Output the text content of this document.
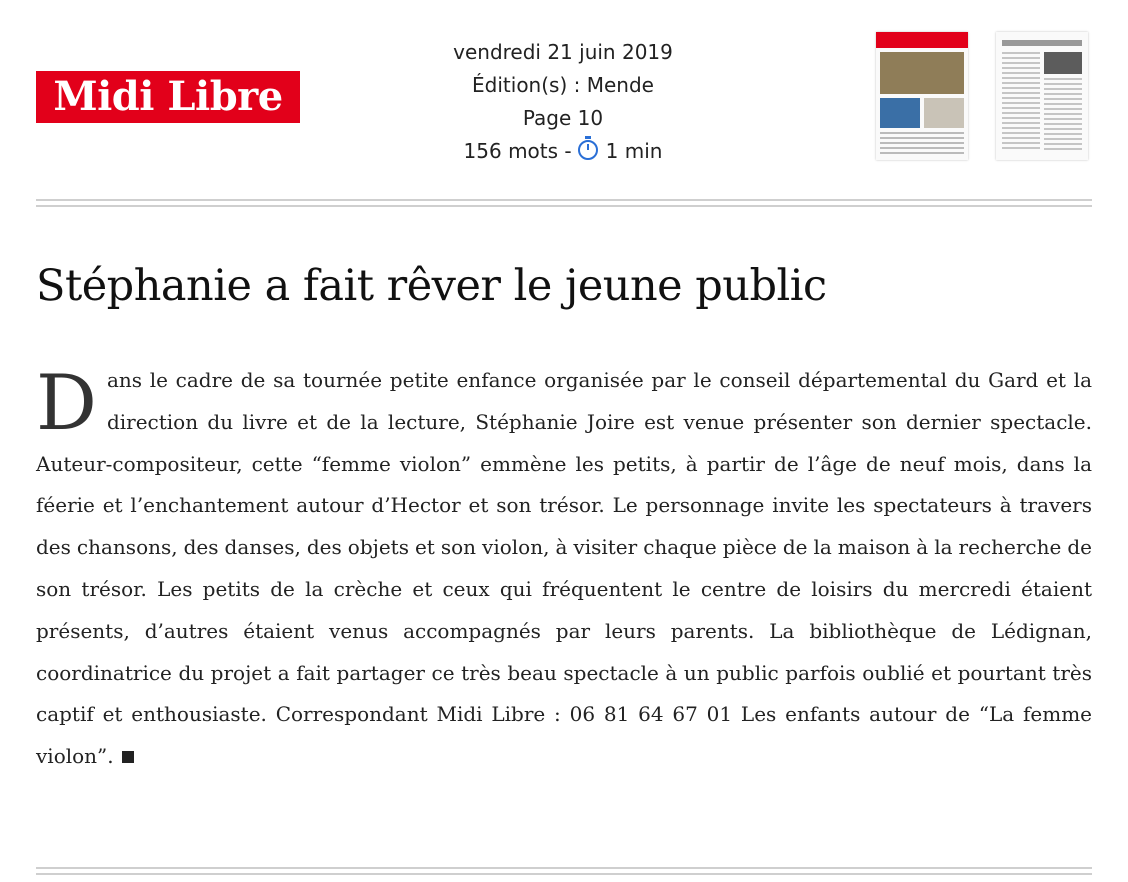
Midi Libre
vendredi 21 juin 2019
Édition(s) : Mende
Page 10
156 mots - 1 min
Stéphanie a fait rêver le jeune public

Dans le cadre de sa tournée petite enfance organisée par le conseil départemental du Gard et la direction du livre et de la lecture, Stéphanie Joire est venue présenter son dernier spectacle. Auteur-compositeur, cette “femme violon” emmène les petits, à partir de l’âge de neuf mois, dans la féerie et l’enchantement autour d’Hector et son trésor. Le personnage invite les spectateurs à travers des chansons, des danses, des objets et son violon, à visiter chaque pièce de la maison à la recherche de son trésor. Les petits de la crèche et ceux qui fréquentent le centre de loisirs du mercredi étaient présents, d’autres étaient venus accompagnés par leurs parents. La bibliothèque de Lédignan, coordinatrice du projet a fait partager ce très beau spectacle à un public parfois oublié et pourtant très captif et enthousiaste. Correspondant Midi Libre : 06 81 64 67 01 Les enfants autour de “La femme violon”.
